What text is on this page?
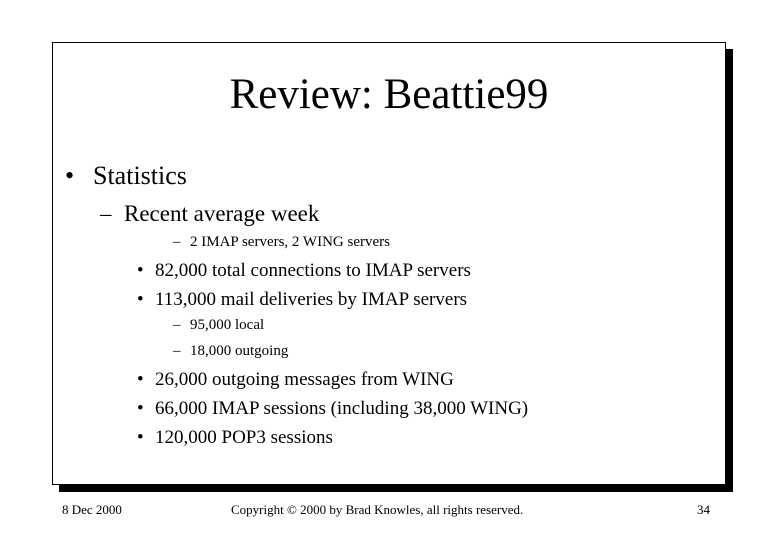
Review: Beattie99
• Statistics
– Recent average week
– 2 IMAP servers, 2 WING servers
• 82,000 total connections to IMAP servers
• 113,000 mail deliveries by IMAP servers
– 95,000 local
– 18,000 outgoing
• 26,000 outgoing messages from WING
• 66,000 IMAP sessions (including 38,000 WING)
• 120,000 POP3 sessions
8 Dec 2000	Copyright © 2000 by Brad Knowles, all rights reserved.	34
